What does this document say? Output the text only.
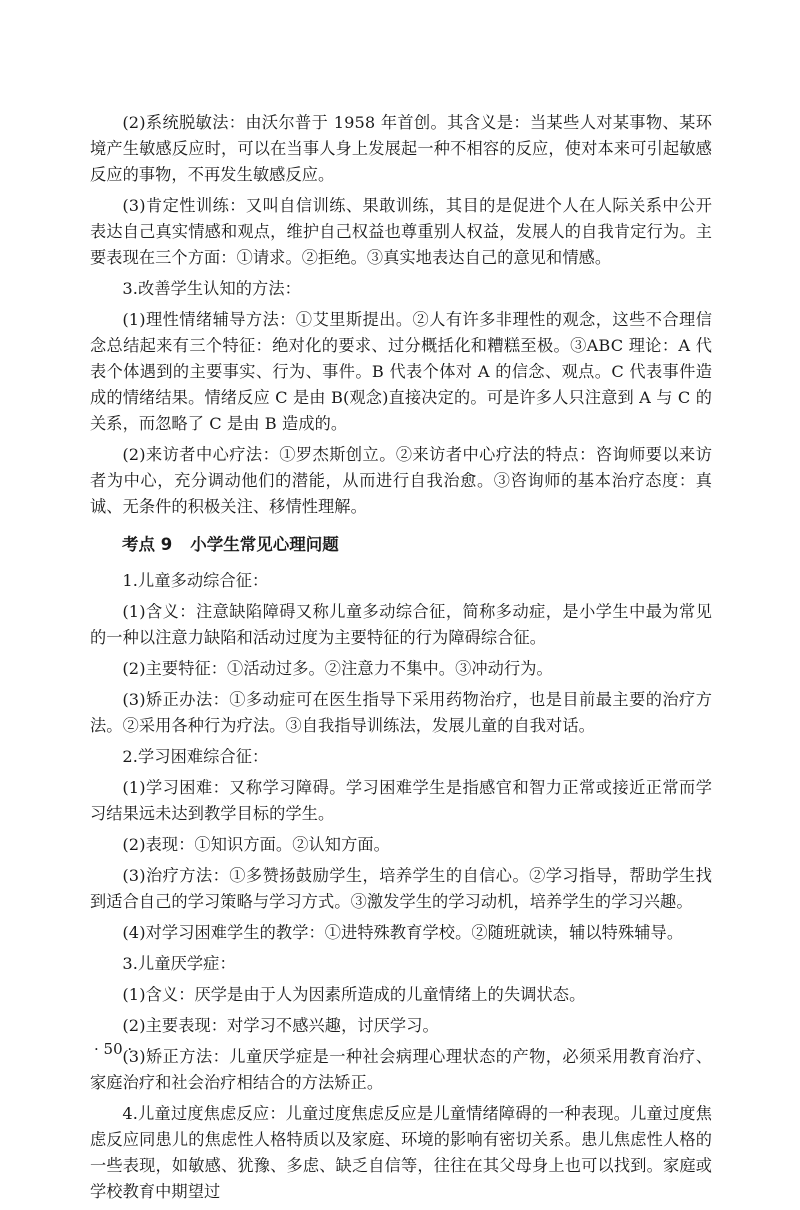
(2)系统脱敏法：由沃尔普于 1958 年首创。其含义是：当某些人对某事物、某环境产生敏感反应时，可以在当事人身上发展起一种不相容的反应，使对本来可引起敏感反应的事物，不再发生敏感反应。

(3)肯定性训练：又叫自信训练、果敢训练，其目的是促进个人在人际关系中公开表达自己真实情感和观点，维护自己权益也尊重别人权益，发展人的自我肯定行为。主要表现在三个方面：①请求。②拒绝。③真实地表达自己的意见和情感。

3.改善学生认知的方法：

(1)理性情绪辅导方法：①艾里斯提出。②人有许多非理性的观念，这些不合理信念总结起来有三个特征：绝对化的要求、过分概括化和糟糕至极。③ABC 理论：A 代表个体遇到的主要事实、行为、事件。B 代表个体对 A 的信念、观点。C 代表事件造成的情绪结果。情绪反应 C 是由 B(观念)直接决定的。可是许多人只注意到 A 与 C 的关系，而忽略了 C 是由 B 造成的。

(2)来访者中心疗法：①罗杰斯创立。②来访者中心疗法的特点：咨询师要以来访者为中心，充分调动他们的潜能，从而进行自我治愈。③咨询师的基本治疗态度：真诚、无条件的积极关注、移情性理解。

考点 9 小学生常见心理问题

1.儿童多动综合征：

(1)含义：注意缺陷障碍又称儿童多动综合征，简称多动症，是小学生中最为常见的一种以注意力缺陷和活动过度为主要特征的行为障碍综合征。

(2)主要特征：①活动过多。②注意力不集中。③冲动行为。

(3)矫正办法：①多动症可在医生指导下采用药物治疗，也是目前最主要的治疗方法。②采用各种行为疗法。③自我指导训练法，发展儿童的自我对话。

2.学习困难综合征：

(1)学习困难：又称学习障碍。学习困难学生是指感官和智力正常或接近正常而学习结果远未达到教学目标的学生。

(2)表现：①知识方面。②认知方面。

(3)治疗方法：①多赞扬鼓励学生，培养学生的自信心。②学习指导，帮助学生找到适合自己的学习策略与学习方式。③激发学生的学习动机，培养学生的学习兴趣。

(4)对学习困难学生的教学：①进特殊教育学校。②随班就读，辅以特殊辅导。

3.儿童厌学症：

(1)含义：厌学是由于人为因素所造成的儿童情绪上的失调状态。

(2)主要表现：对学习不感兴趣，讨厌学习。

(3)矫正方法：儿童厌学症是一种社会病理心理状态的产物，必须采用教育治疗、家庭治疗和社会治疗相结合的方法矫正。

4.儿童过度焦虑反应：儿童过度焦虑反应是儿童情绪障碍的一种表现。儿童过度焦虑反应同患儿的焦虑性人格特质以及家庭、环境的影响有密切关系。患儿焦虑性人格的一些表现，如敏感、犹豫、多虑、缺乏自信等，往往在其父母身上也可以找到。家庭或学校教育中期望过

· 50 ·
